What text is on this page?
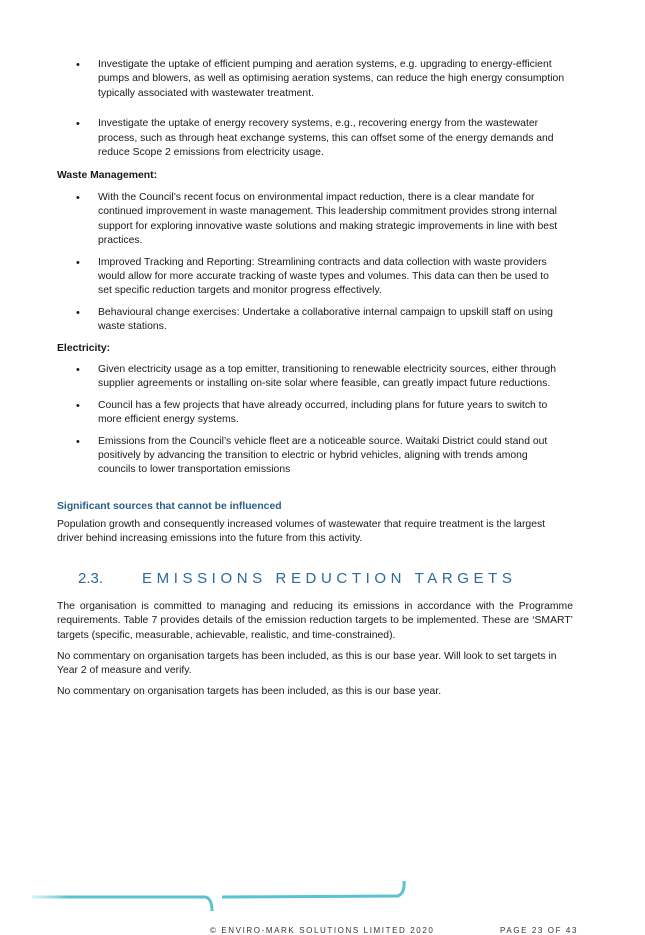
• Investigate the uptake of efficient pumping and aeration systems, e.g. upgrading to energy-efficient pumps and blowers, as well as optimising aeration systems, can reduce the high energy consumption typically associated with wastewater treatment.
• Investigate the uptake of energy recovery systems, e.g., recovering energy from the wastewater process, such as through heat exchange systems, this can offset some of the energy demands and reduce Scope 2 emissions from electricity usage.

Waste Management:

• With the Council’s recent focus on environmental impact reduction, there is a clear mandate for continued improvement in waste management. This leadership commitment provides strong internal support for exploring innovative waste solutions and making strategic improvements in line with best practices.
• Improved Tracking and Reporting: Streamlining contracts and data collection with waste providers would allow for more accurate tracking of waste types and volumes. This data can then be used to set specific reduction targets and monitor progress effectively.
• Behavioural change exercises: Undertake a collaborative internal campaign to upskill staff on using waste stations.

Electricity:

• Given electricity usage as a top emitter, transitioning to renewable electricity sources, either through supplier agreements or installing on-site solar where feasible, can greatly impact future reductions.
• Council has a few projects that have already occurred, including plans for future years to switch to more efficient energy systems.
• Emissions from the Council’s vehicle fleet are a noticeable source. Waitaki District could stand out positively by advancing the transition to electric or hybrid vehicles, aligning with trends among councils to lower transportation emissions

Significant sources that cannot be influenced

Population growth and consequently increased volumes of wastewater that require treatment is the largest driver behind increasing emissions into the future from this activity.

2.3.	EMISSIONS REDUCTION TARGETS

The organisation is committed to managing and reducing its emissions in accordance with the Programme requirements. Table 7 provides details of the emission reduction targets to be implemented. These are ‘SMART’ targets (specific, measurable, achievable, realistic, and time-constrained).

No commentary on organisation targets has been included, as this is our base year. Will look to set targets in Year 2 of measure and verify.

No commentary on organisation targets has been included, as this is our base year.

© ENVIRO-MARK SOLUTIONS LIMITED 2020	PAGE 23 OF 43
